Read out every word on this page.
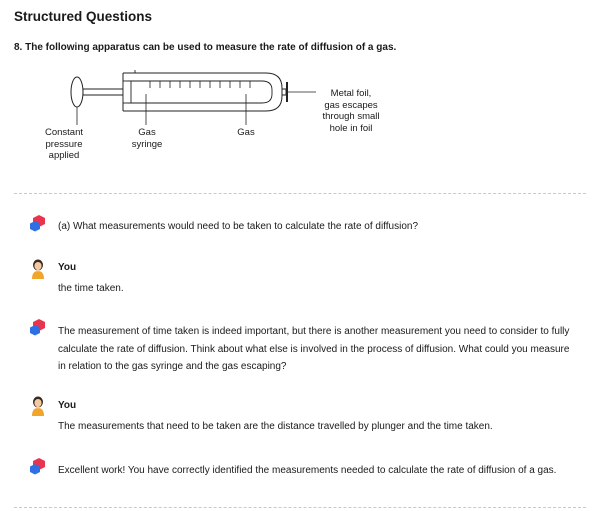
Structured Questions
8. The following apparatus can be used to measure the rate of diffusion of a gas.
Constant
pressure
applied
Gas
syringe
Gas
Metal foil,
gas escapes
through small
hole in foil
(a) What measurements would need to be taken to calculate the rate of diffusion?
You
the time taken.
The measurement of time taken is indeed important, but there is another measurement you need to consider to fully calculate the rate of diffusion. Think about what else is involved in the process of diffusion. What could you measure in relation to the gas syringe and the gas escaping?
You
The measurements that need to be taken are the distance travelled by plunger and the time taken.
Excellent work! You have correctly identified the measurements needed to calculate the rate of diffusion of a gas.
